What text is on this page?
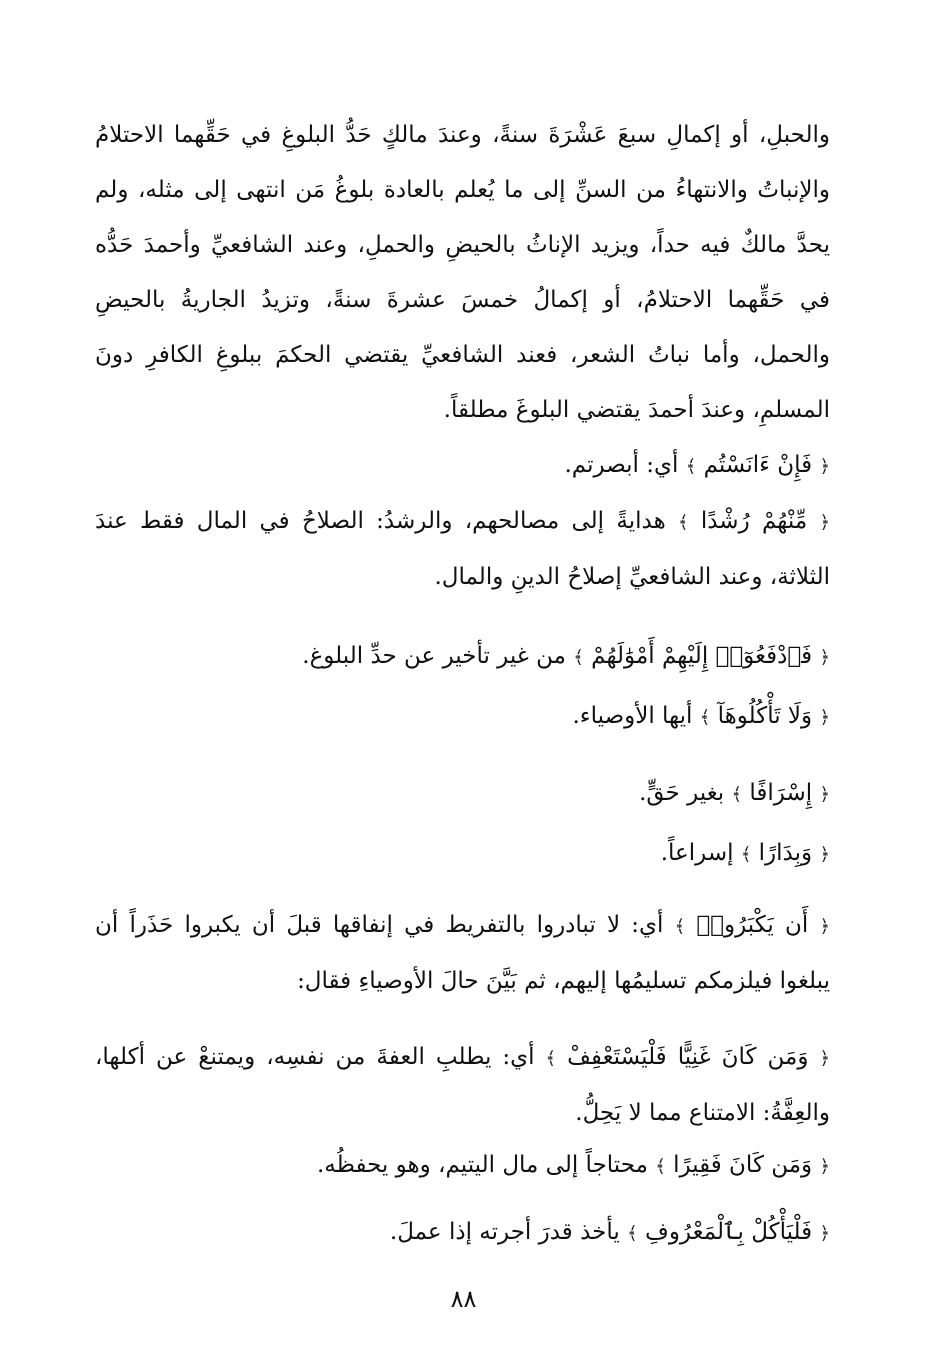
والحبلِ، أو إكمالِ سبعَ عَشْرَةَ سنةً، وعندَ مالكٍ حَدُّ البلوغِ في حَقِّهما الاحتلامُ والإنباتُ والانتهاءُ من السنِّ إلى ما يُعلم بالعادة بلوغُ مَن انتهى إلى مثله، ولم يحدَّ مالكٌ فيه حداً، ويزيد الإناثُ بالحيضِ والحملِ، وعند الشافعيِّ وأحمدَ حَدُّه في حَقِّهما الاحتلامُ، أو إكمالُ خمسَ عشرةَ سنةً، وتزيدُ الجاريةُ بالحيضِ والحمل، وأما نباتُ الشعر، فعند الشافعيِّ يقتضي الحكمَ ببلوغِ الكافرِ دونَ المسلمِ، وعندَ أحمدَ يقتضي البلوغَ مطلقاً.

﴿ فَإِنْ ءَانَسْتُم ﴾ أي: أبصرتم.

﴿ مِّنْهُمْ رُشْدًا ﴾ هدايةً إلى مصالحهم، والرشدُ: الصلاحُ في المال فقط عندَ الثلاثة، وعند الشافعيِّ إصلاحُ الدينِ والمال.

﴿ فَٱدْفَعُوٓا۟ إِلَيْهِمْ أَمْوَٰلَهُمْ ﴾ من غير تأخير عن حدِّ البلوغ.

﴿ وَلَا تَأْكُلُوهَآ ﴾ أيها الأوصياء.

﴿ إِسْرَافًا ﴾ بغير حَقٍّ.

﴿ وَبِدَارًا ﴾ إسراعاً.

﴿ أَن يَكْبَرُوا۟ ﴾ أي: لا تبادروا بالتفريط في إنفاقها قبلَ أن يكبروا حَذَراً أن يبلغوا فيلزمكم تسليمُها إليهم، ثم بَيَّنَ حالَ الأوصياءِ فقال:

﴿ وَمَن كَانَ غَنِيًّا فَلْيَسْتَعْفِفْ ﴾ أي: يطلبِ العفةَ من نفسِه، ويمتنعْ عن أكلها، والعِفَّةُ: الامتناع مما لا يَحِلُّ.

﴿ وَمَن كَانَ فَقِيرًا ﴾ محتاجاً إلى مال اليتيم، وهو يحفظُه.

﴿ فَلْيَأْكُلْ بِٱلْمَعْرُوفِ ﴾ يأخذ قدرَ أجرته إذا عملَ.

٨٨
